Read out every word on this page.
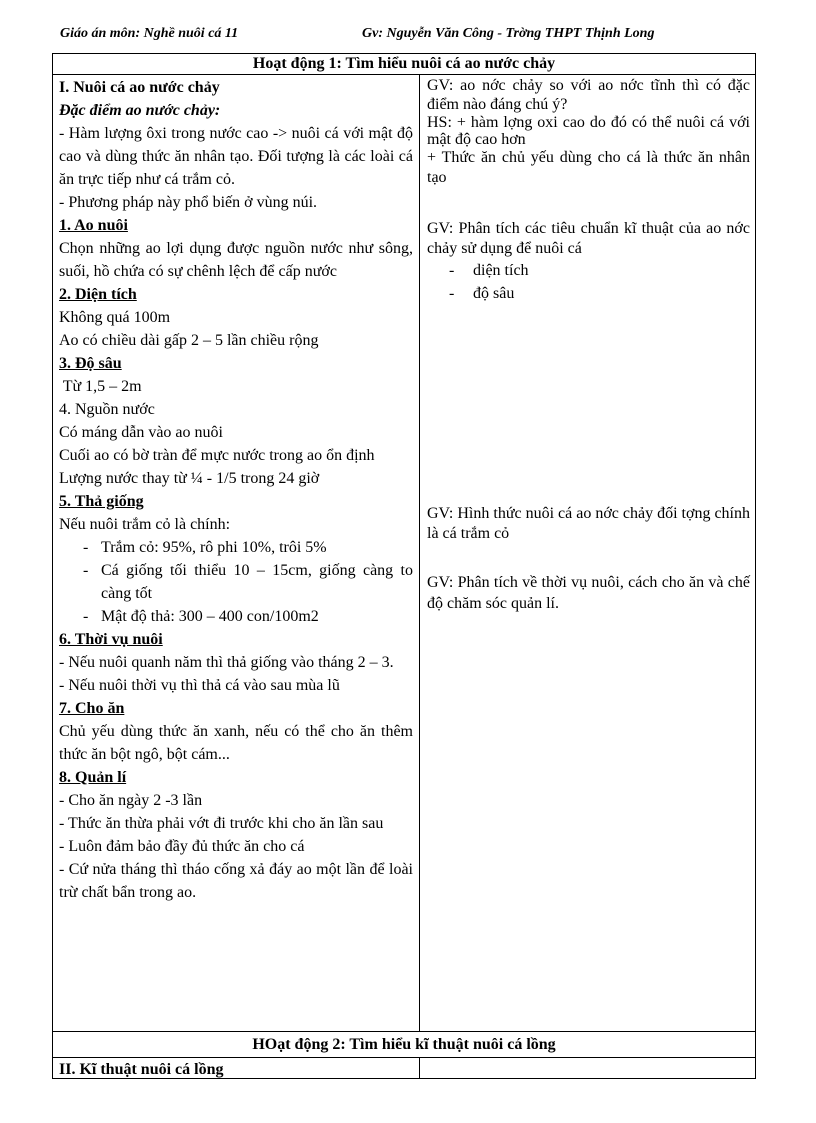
Giáo án môn: Nghề nuôi cá 11	Gv: Nguyễn Văn Công - Trờng THPT Thịnh Long
Hoạt động 1: Tìm hiểu nuôi cá ao nước chảy

I. Nuôi cá ao nước chảy

Đặc điểm ao nước chảy:

- Hàm lượng ôxi trong nước cao -> nuôi cá với mật độ cao và dùng thức ăn nhân tạo. Đối tượng là các loài cá ăn trực tiếp như cá trắm cỏ.

- Phương pháp này phổ biến ở vùng núi.

1. Ao nuôi

Chọn những ao lợi dụng được nguồn nước như sông, suối, hồ chứa có sự chênh lệch để cấp nước

2. Diện tích

Không quá 100m

Ao có chiều dài gấp 2 – 5 lần chiều rộng

3. Độ sâu

Từ 1,5 – 2m

4. Nguồn nước

Có máng dẫn vào ao nuôi

Cuối ao có bờ tràn để mực nước trong ao ổn định

Lượng nước thay từ ¼ - 1/5 trong 24 giờ

5. Thả giống

Nếu nuôi trắm cỏ là chính:

- Trắm cỏ: 95%, rô phi 10%, trôi 5%

- Cá giống tối thiểu 10 – 15cm, giống càng to càng tốt

- Mật độ thả: 300 – 400 con/100m2

6. Thời vụ nuôi

- Nếu nuôi quanh năm thì thả giống vào tháng 2 – 3.

- Nếu nuôi thời vụ thì thả cá vào sau mùa lũ

7. Cho ăn

Chủ yếu dùng thức ăn xanh, nếu có thể cho ăn thêm thức ăn bột ngô, bột cám...

8. Quản lí

- Cho ăn ngày 2 -3 lần

- Thức ăn thừa phải vớt đi trước khi cho ăn lần sau

- Luôn đảm bảo đầy đủ thức ăn cho cá

- Cứ nửa tháng thì tháo cống xả đáy ao một lần để loài trừ chất bẩn trong ao.

GV: ao nớc chảy so với ao nớc tĩnh thì có đặc điểm nào đáng chú ý?

HS: + hàm lợng oxi cao do đó có thể nuôi cá với mật độ cao hơn

+ Thức ăn chủ yếu dùng cho cá là thức ăn nhân tạo

GV: Phân tích các tiêu chuẩn kĩ thuật của ao nớc chảy sử dụng để nuôi cá

- diện tích

- độ sâu

GV: Hình thức nuôi cá ao nớc chảy đối tợng chính là cá trắm cỏ

GV: Phân tích về thời vụ nuôi, cách cho ăn và chế độ chăm sóc quản lí.

HOạt động 2: Tìm hiểu kĩ thuật nuôi cá lồng
II. Kĩ thuật nuôi cá lồng
